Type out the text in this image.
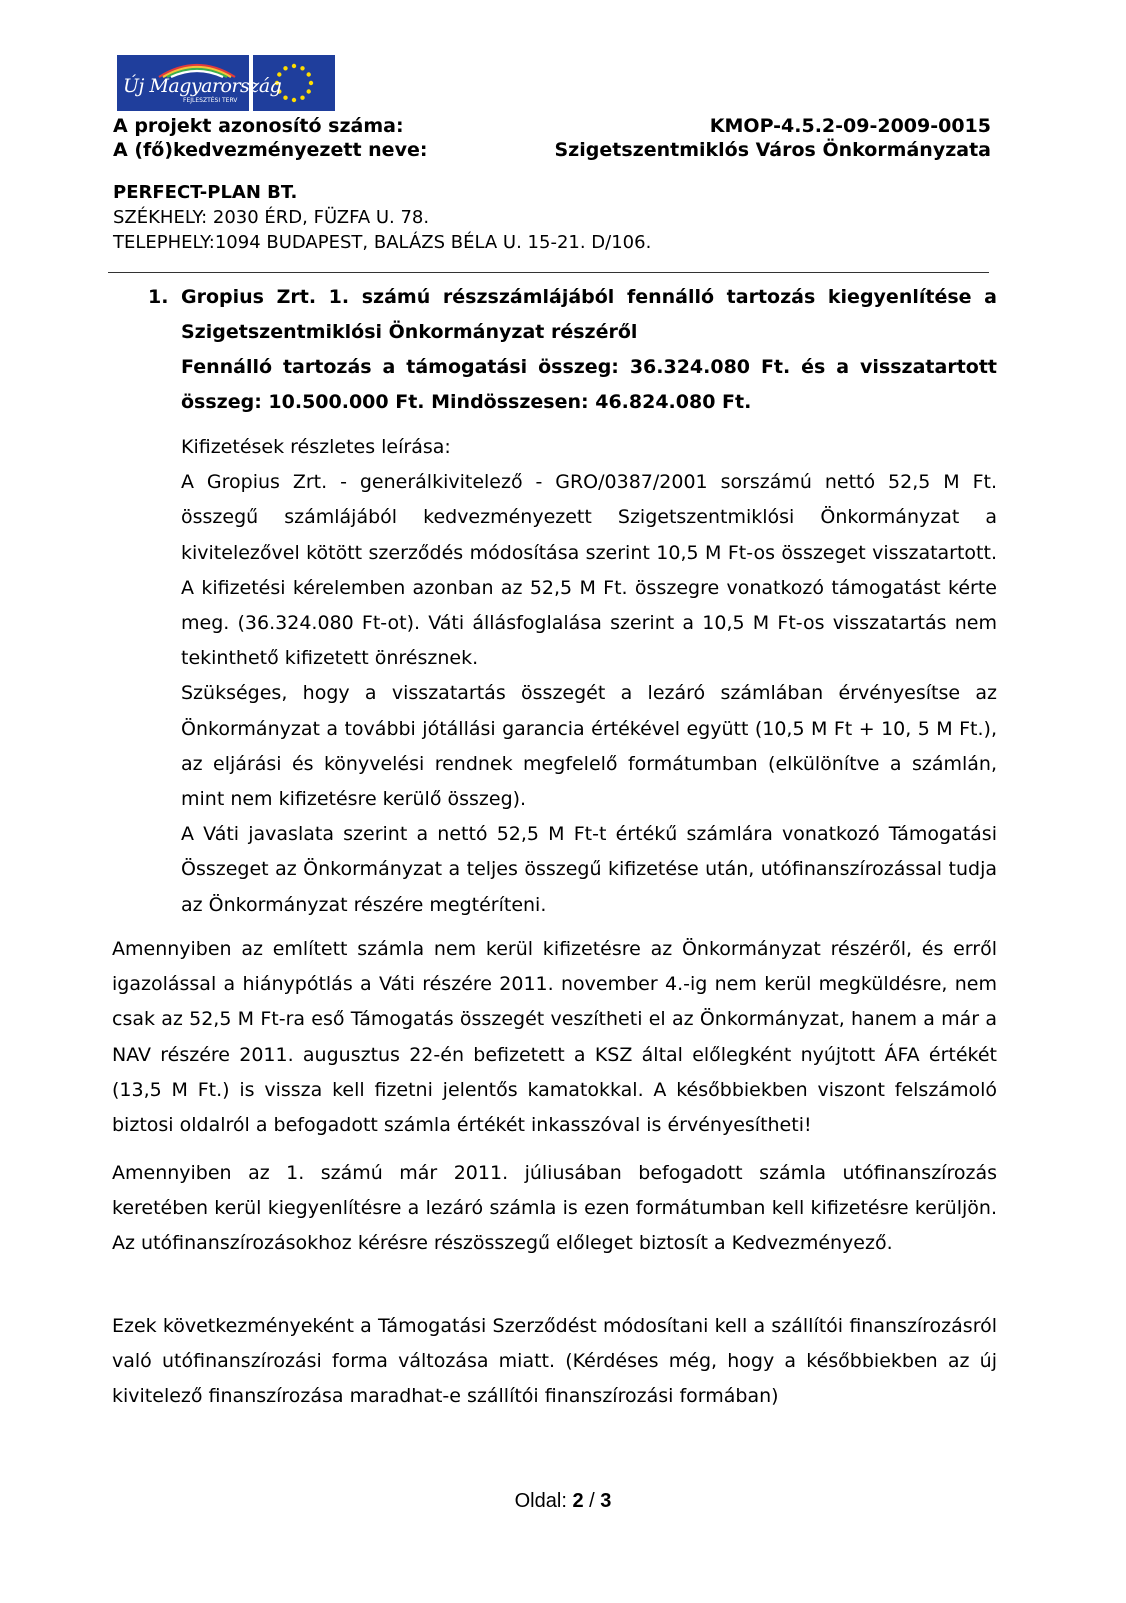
Új Magyarország
FEJLESZTÉSI TERV
A projekt azonosító száma:	KMOP-4.5.2-09-2009-0015
A (fő)kedvezményezett neve:	Szigetszentmiklós Város Önkormányzata
PERFECT-PLAN BT.
SZÉKHELY: 2030 ÉRD, FÜZFA U. 78.
TELEPHELY:1094 BUDAPEST, BALÁZS BÉLA U. 15-21. D/106.
1. Gropius Zrt. 1. számú részszámlájából fennálló tartozás kiegyenlítése a Szigetszentmiklósi Önkormányzat részéről
Fennálló tartozás a támogatási összeg: 36.324.080 Ft. és a visszatartott összeg: 10.500.000 Ft. Mindösszesen: 46.824.080 Ft.

Kifizetések részletes leírása:

A Gropius Zrt. - generálkivitelező - GRO/0387/2001 sorszámú nettó 52,5 M Ft. összegű számlájából kedvezményezett Szigetszentmiklósi Önkormányzat a kivitelezővel kötött szerződés módosítása szerint 10,5 M Ft-os összeget visszatartott. A kifizetési kérelemben azonban az 52,5 M Ft. összegre vonatkozó támogatást kérte meg. (36.324.080 Ft-ot). Váti állásfoglalása szerint a 10,5 M Ft-os visszatartás nem tekinthető kifizetett önrésznek.

Szükséges, hogy a visszatartás összegét a lezáró számlában érvényesítse az Önkormányzat a további jótállási garancia értékével együtt (10,5 M Ft + 10, 5 M Ft.), az eljárási és könyvelési rendnek megfelelő formátumban (elkülönítve a számlán, mint nem kifizetésre kerülő összeg).

A Váti javaslata szerint a nettó 52,5 M Ft-t értékű számlára vonatkozó Támogatási Összeget az Önkormányzat a teljes összegű kifizetése után, utófinanszírozással tudja az Önkormányzat részére megtéríteni.

Amennyiben az említett számla nem kerül kifizetésre az Önkormányzat részéről, és erről igazolással a hiánypótlás a Váti részére 2011. november 4.-ig nem kerül megküldésre, nem csak az 52,5 M Ft-ra eső Támogatás összegét veszítheti el az Önkormányzat, hanem a már a NAV részére 2011. augusztus 22-én befizetett a KSZ által előlegként nyújtott ÁFA értékét (13,5 M Ft.) is vissza kell fizetni jelentős kamatokkal. A későbbiekben viszont felszámoló biztosi oldalról a befogadott számla értékét inkasszóval is érvényesítheti!

Amennyiben az 1. számú már 2011. júliusában befogadott számla utófinanszírozás keretében kerül kiegyenlítésre a lezáró számla is ezen formátumban kell kifizetésre kerüljön. Az utófinanszírozásokhoz kérésre részösszegű előleget biztosít a Kedvezményező.

Ezek következményeként a Támogatási Szerződést módosítani kell a szállítói finanszírozásról való utófinanszírozási forma változása miatt. (Kérdéses még, hogy a későbbiekben az új kivitelező finanszírozása maradhat-e szállítói finanszírozási formában)

Oldal: 2 / 3
